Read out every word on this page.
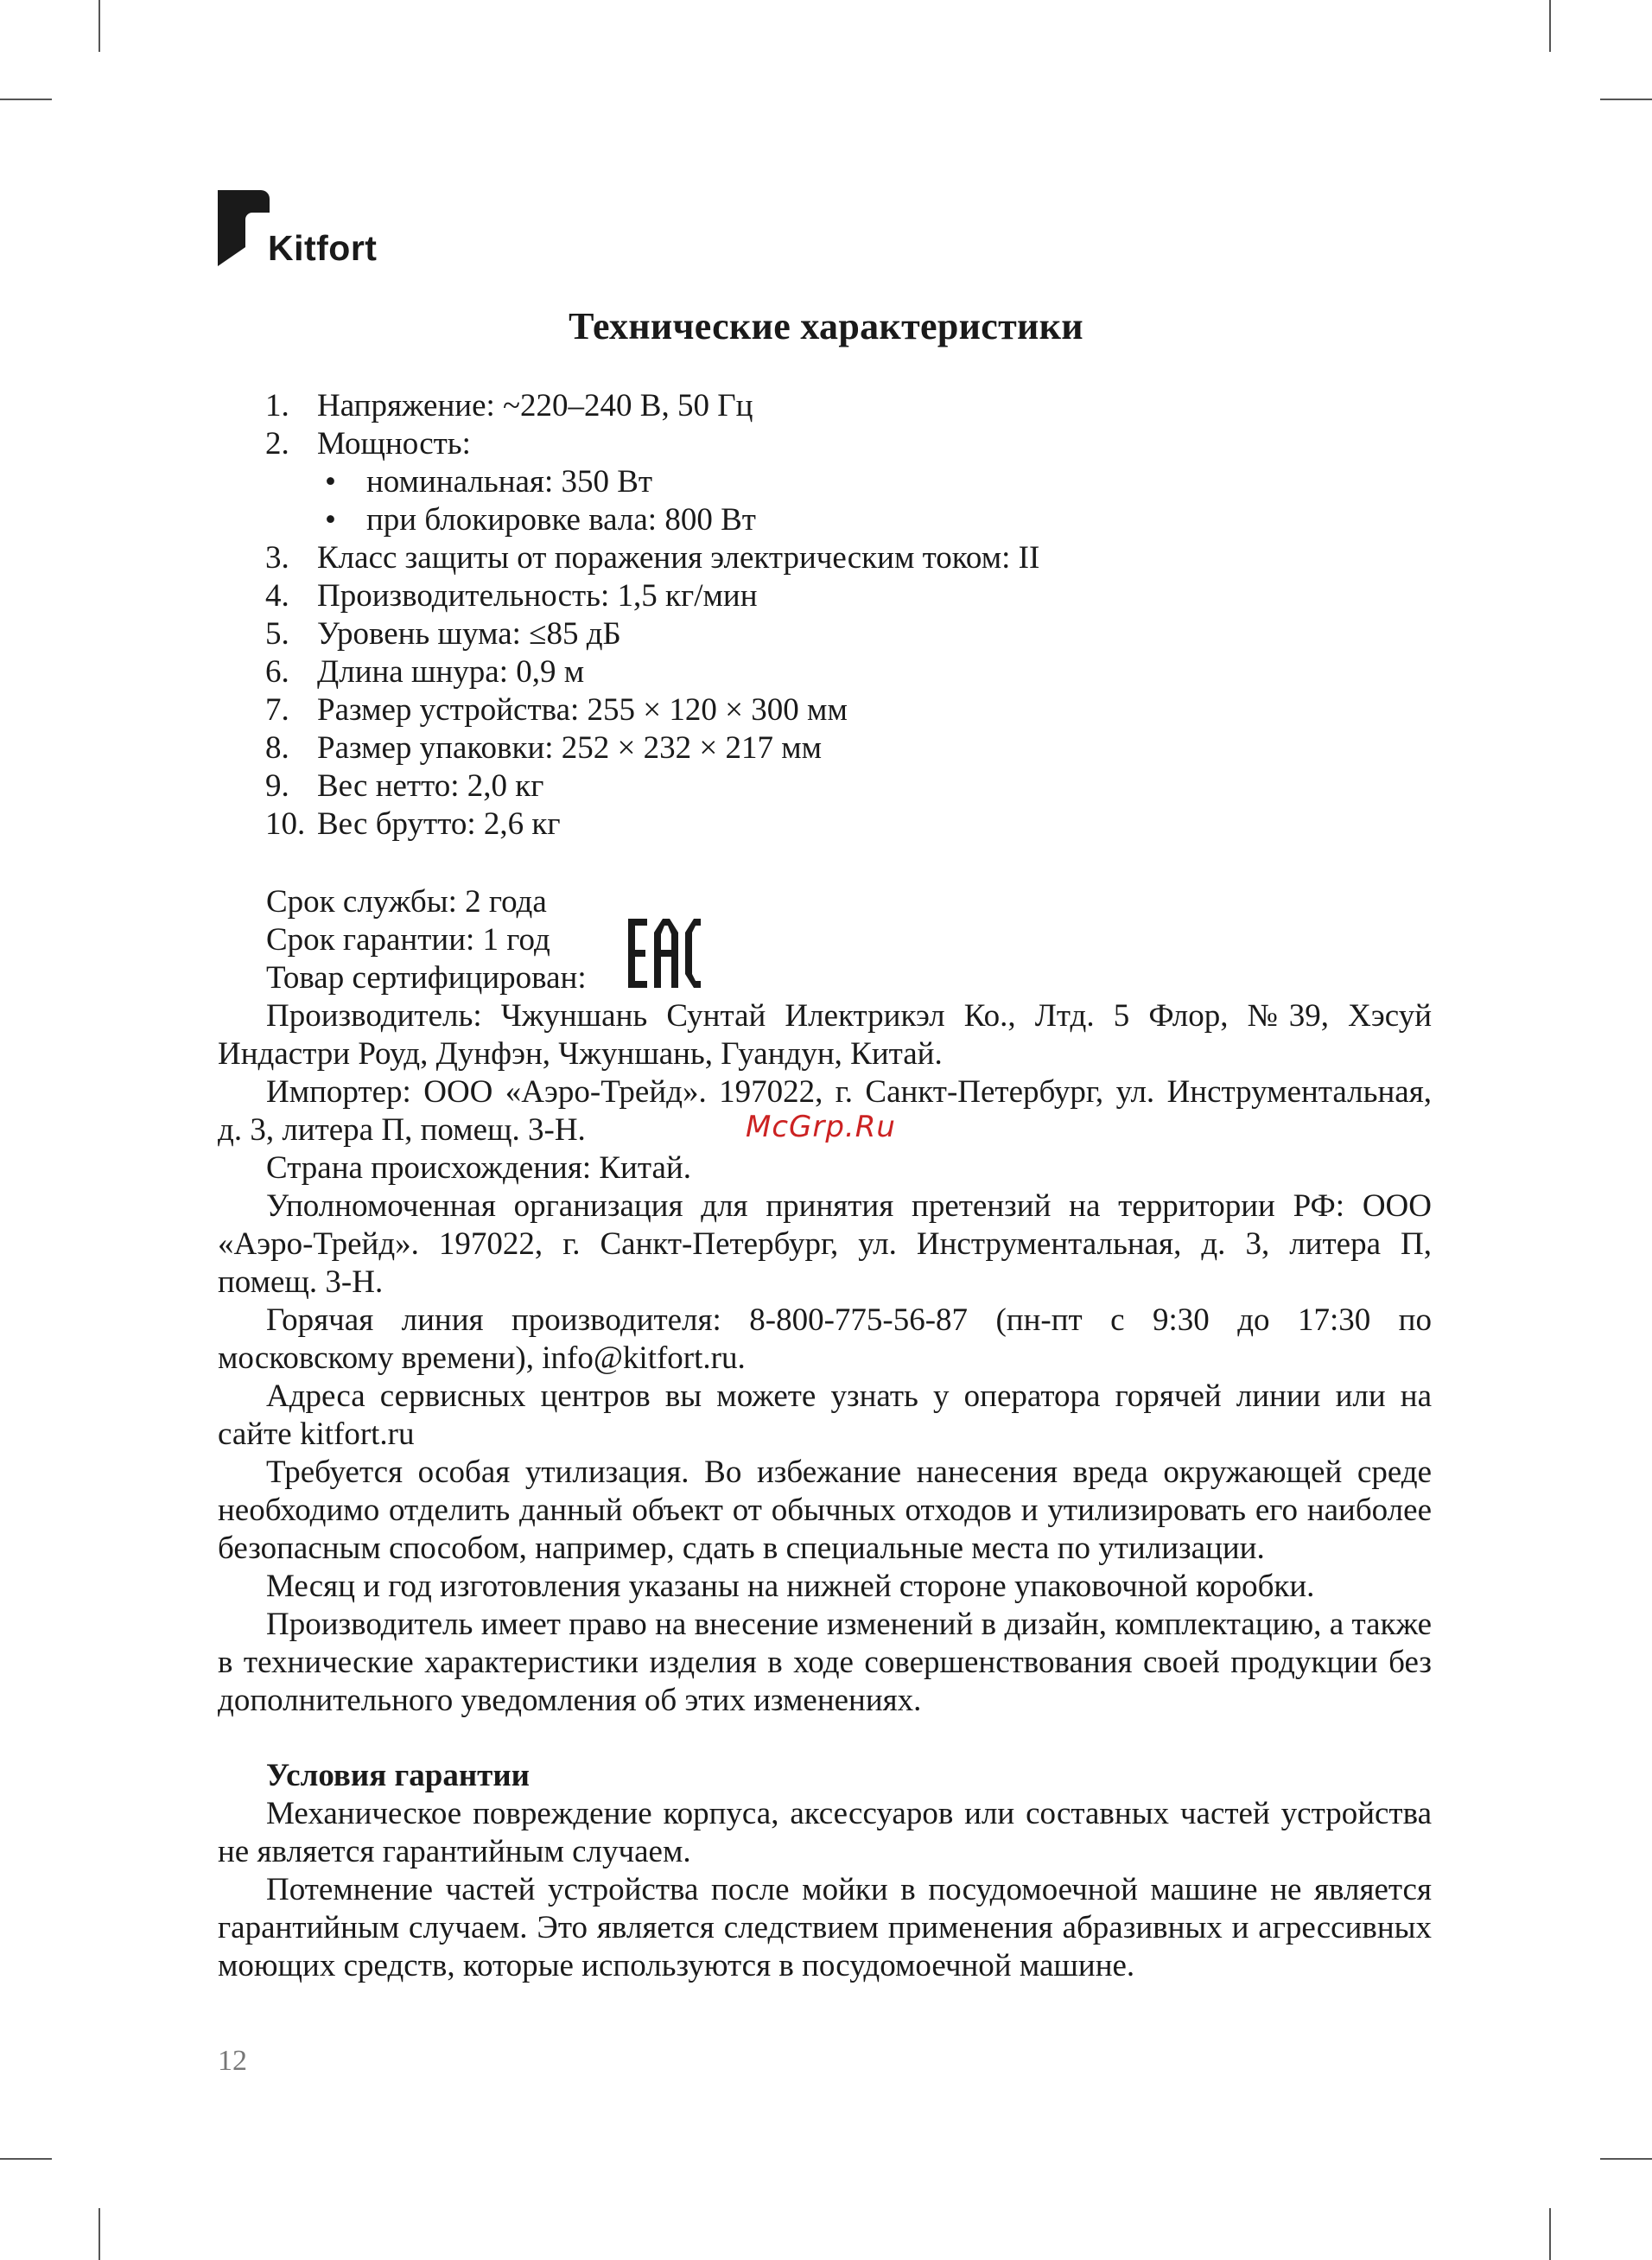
Kitfort
Технические характеристики
1. Напряжение: ~220–240 В, 50 Гц
2. Мощность:
• номинальная: 350 Вт
• при блокировке вала: 800 Вт
3. Класс защиты от поражения электрическим током: II
4. Производительность: 1,5 кг/мин
5. Уровень шума: ≤85 дБ
6. Длина шнура: 0,9 м
7. Размер устройства: 255 × 120 × 300 мм
8. Размер упаковки: 252 × 232 × 217 мм
9. Вес нетто: 2,0 кг
10. Вес брутто: 2,6 кг
Срок службы: 2 года
Срок гарантии: 1 год
Товар сертифицирован:

Производитель: Чжуншань Сунтай Илектрикэл Ко., Лтд. 5 Флор, №39, Хэсуй Индастри Роуд, Дунфэн, Чжуншань, Гуандун, Китай.

Импортер: ООО «Аэро-Трейд». 197022, г. Санкт-Петербург, ул. Инструментальная, д. 3, литера П, помещ. 3-Н.

Страна происхождения: Китай.

Уполномоченная организация для принятия претензий на территории РФ: ООО «Аэро-Трейд». 197022, г. Санкт-Петербург, ул. Инструментальная, д. 3, литера П, помещ. 3-Н.

Горячая линия производителя: 8-800-775-56-87 (пн-пт с 9:30 до 17:30 по московскому времени), info@kitfort.ru.

Адреса сервисных центров вы можете узнать у оператора горячей линии или на сайте kitfort.ru

Требуется особая утилизация. Во избежание нанесения вреда окружающей среде необходимо отделить данный объект от обычных отходов и утилизировать его наиболее безопасным способом, например, сдать в специальные места по утилизации.

Месяц и год изготовления указаны на нижней стороне упаковочной коробки.

Производитель имеет право на внесение изменений в дизайн, комплектацию, а также в технические характеристики изделия в ходе совершенствования своей продукции без дополнительного уведомления об этих изменениях.

McGrp.Ru
Условия гарантии

Механическое повреждение корпуса, аксессуаров или составных частей устройства не является гарантийным случаем.

Потемнение частей устройства после мойки в посудомоечной машине не является гарантийным случаем. Это является следствием применения абразивных и агрессивных моющих средств, которые используются в посудомоечной машине.

12
